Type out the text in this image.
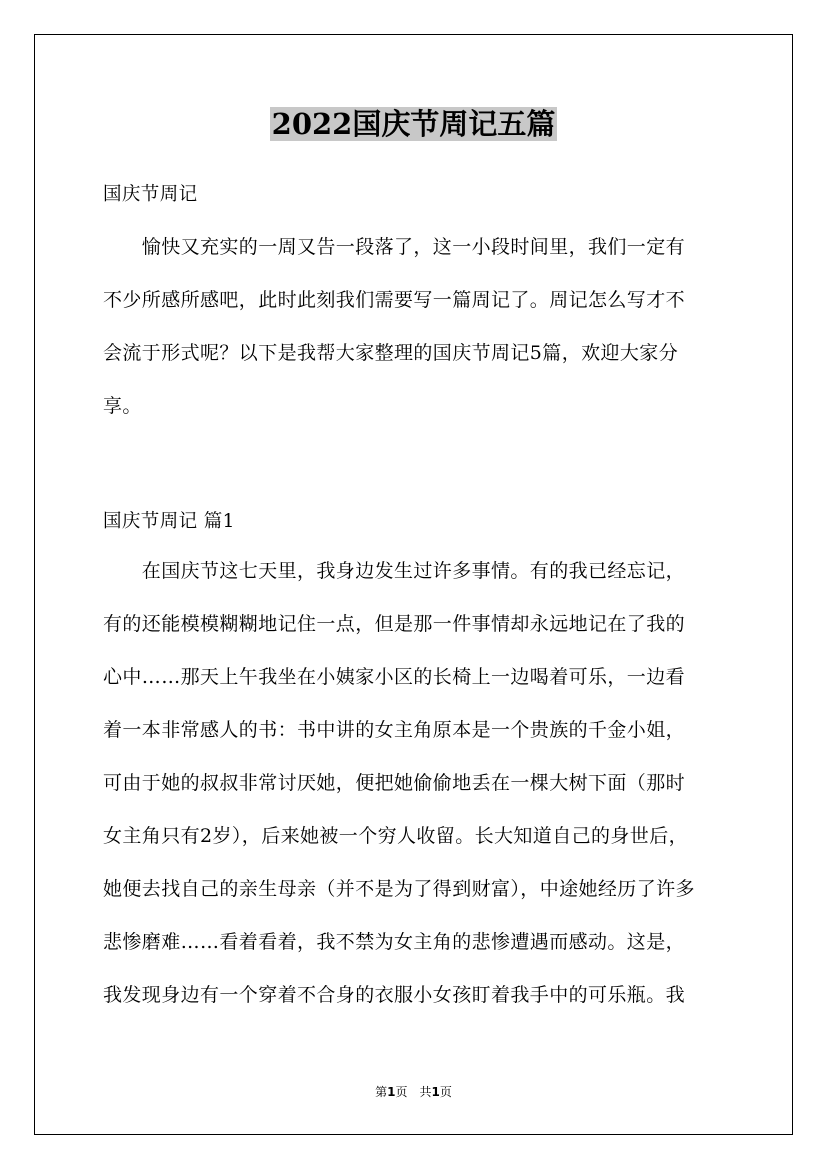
2022国庆节周记五篇
国庆节周记
　　愉快又充实的一周又告一段落了，这一小段时间里，我们一定有
不少所感所感吧，此时此刻我们需要写一篇周记了。周记怎么写才不
会流于形式呢？以下是我帮大家整理的国庆节周记5篇，欢迎大家分
享。
国庆节周记 篇1
　　在国庆节这七天里，我身边发生过许多事情。有的我已经忘记，
有的还能模模糊糊地记住一点，但是那一件事情却永远地记在了我的
心中……那天上午我坐在小姨家小区的长椅上一边喝着可乐，一边看
着一本非常感人的书：书中讲的女主角原本是一个贵族的千金小姐，
可由于她的叔叔非常讨厌她，便把她偷偷地丢在一棵大树下面（那时
女主角只有2岁），后来她被一个穷人收留。长大知道自己的身世后，
她便去找自己的亲生母亲（并不是为了得到财富），中途她经历了许多
悲惨磨难……看着看着，我不禁为女主角的悲惨遭遇而感动。这是，
我发现身边有一个穿着不合身的衣服小女孩盯着我手中的可乐瓶。我
第1页　共1页
